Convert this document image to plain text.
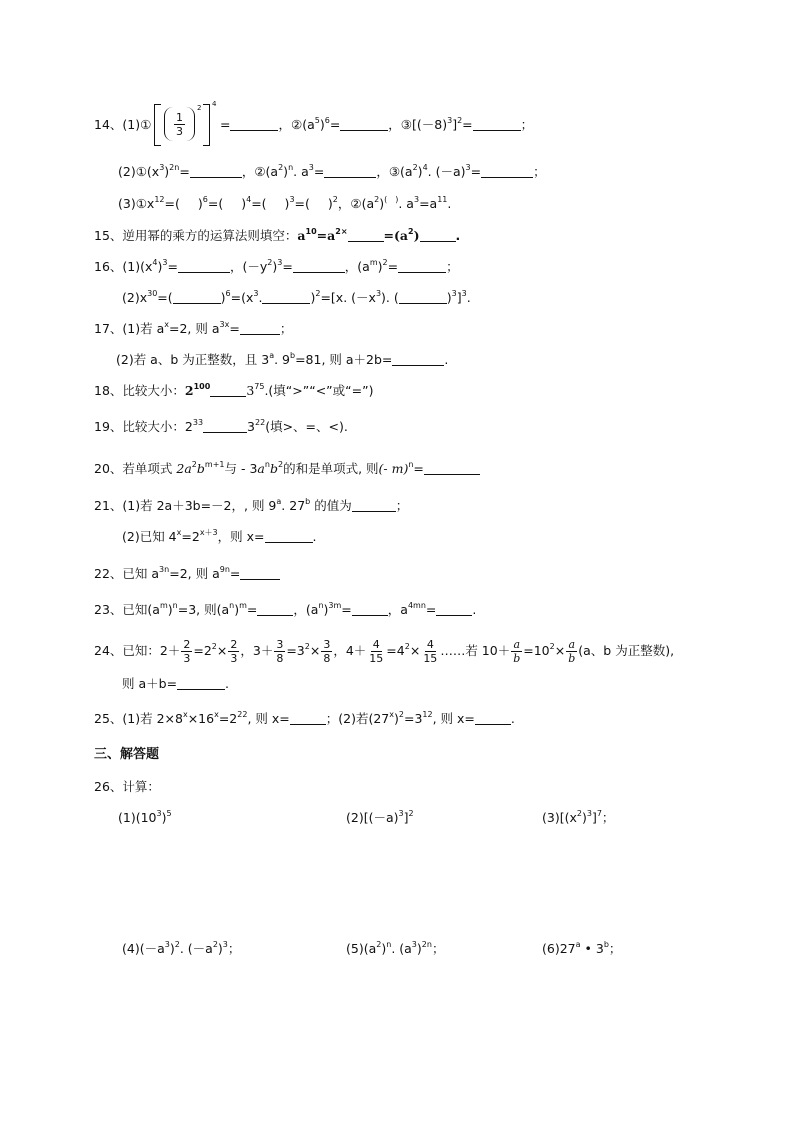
14、(1)① $\frac{1}{3}$
2 4
=	，$②(a^5)^6=$	，$③[(-8)^3]^2=$	；
$(2)①(x^3)^{2n}=$	，$②(a^2)^n$. $a^3=$	，$③(a^2)^4$. $(-a)^3=$	；
$(3)①x^{12}=$( )$^6$=( )$^4$=( )$^3$=( )$^2$，$②(a^2)^{( )}$. $a^3=a^{11}$.
15、逆用幂的乘方的运算法则填空：$a^{10}=a^{2\times}$	$=(a^2)$	.
16、$(1)(x^4)^3=$	，$(-y^2)^3=$	，$(a^m)^2=$	；
$(2)x^{30}=$(	)$^6=(x^3$.	)$^2$=[x. $(-x^3)$. (	)$^3$]$^3$.
17、(1)若 $a^x=2$, 则 $a^{3x}=$	；
(2)若 a、b 为正整数，且 3$^a$. $9^b=81$, 则 a＋2b=	.
18、比较大小：$2^{100}$	$3^{75}$.(填“>”“<”或“=”)
19、比较大小：$2^{33}$	$3^{22}$(填>、=、<).
20、若单项式 $2a^2b^{m+1}$与 - $3a^nb^2$的和是单项式, 则(- m)$^n$=
21、(1)若 2a＋3b=－2，, 则 9$^a$. 27$^b$ 的值为	；
(2)已知 $4^x=2^{x+3}$，则 x=	.
22、已知 $a^{3n}=2$, 则 $a^{9n}=$
23、已知$(a^m)^n=3$, 则$(a^n)^m=$	，$(a^n)^{3m}=$	，$a^{4mn}=$	.
24、已知：$2+ \frac{2}{3} =2^2\times \frac{2}{3}$ ，$3+ \frac{3}{8} =3^2\times \frac{3}{8}$ ，$4+ \frac{4}{15} =4^2\times \frac{4}{15}$ ……若 $10+ \frac{a}{b} =10^2\times \frac{a}{b} (a$、b 为正整数),
则 a＋b=	.
25、(1)若 $2\times 8^x\times 16^x=2^{22}$, 则 x=	；(2)若$(27^x)^2=3^{12}$, 则 x=	.
三、解答题
26、计算：
$(1)(10^3)^5$	$(2)[(-a)^3]^2$	$(3)[(x^2)^3]^7$；
$(4)(-a^3)^2$. $(-a^2)^3$；	$(5)(a^2)^n$. $(a^3)^{2n}$；	(6)27$^a$ • 3$^b$；
